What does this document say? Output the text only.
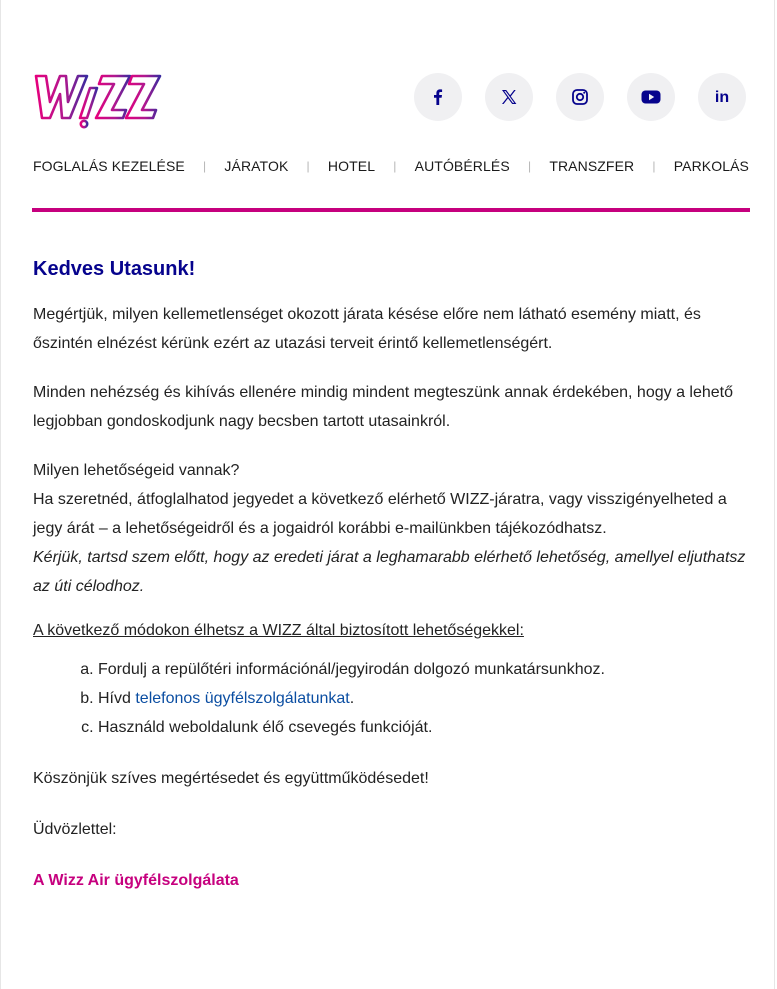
in
FOGLALÁS KEZELÉSE | JÁRATOK | HOTEL | AUTÓBÉRLÉS | TRANSZFER | PARKOLÁS
Kedves Utasunk!

Megértjük, milyen kellemetlenséget okozott járata késése előre nem látható esemény miatt, és őszintén elnézést kérünk ezért az utazási terveit érintő kellemetlenségért.

Minden nehézség és kihívás ellenére mindig mindent megteszünk annak érdekében, hogy a lehető legjobban gondoskodjunk nagy becsben tartott utasainkról.

Milyen lehetőségeid vannak?

Ha szeretnéd, átfoglalhatod jegyedet a következő elérhető WIZZ-járatra, vagy visszigényelheted a jegy árát – a lehetőségeidről és a jogaidról korábbi e-mailünkben tájékozódhatsz.

Kérjük, tartsd szem előtt, hogy az eredeti járat a leghamarabb elérhető lehetőség, amellyel eljuthatsz az úti célodhoz.

A következő módokon élhetsz a WIZZ által biztosított lehetőségekkel:

a. Fordulj a repülőtéri információnál/jegyirodán dolgozó munkatársunkhoz.
b. Hívd telefonos ügyfélszolgálatunkat.
c. Használd weboldalunk élő csevegés funkcióját.

Köszönjük szíves megértésedet és együttműködésedet!

Üdvözlettel:

A Wizz Air ügyfélszolgálata
